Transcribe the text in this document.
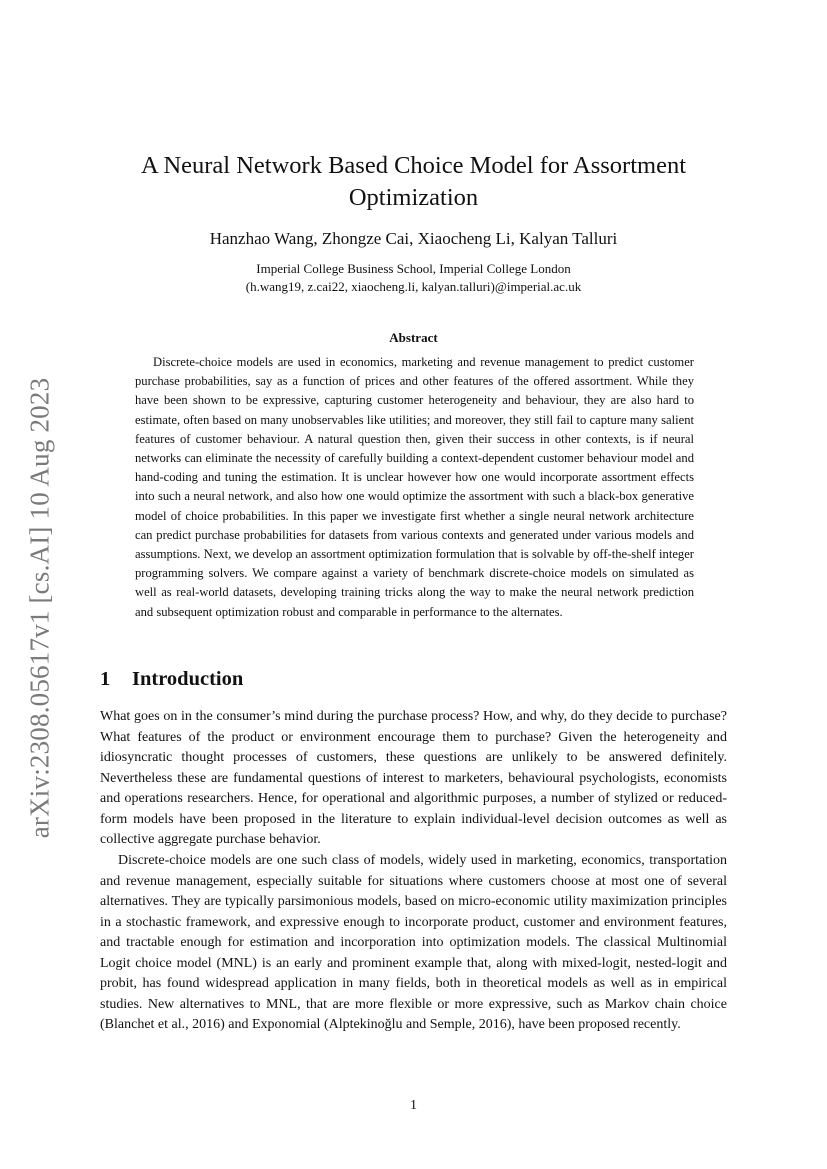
arXiv:2308.05617v1 [cs.AI] 10 Aug 2023
A Neural Network Based Choice Model for Assortment Optimization
Hanzhao Wang, Zhongze Cai, Xiaocheng Li, Kalyan Talluri
Imperial College Business School, Imperial College London
(h.wang19, z.cai22, xiaocheng.li, kalyan.talluri)@imperial.ac.uk
Abstract

Discrete-choice models are used in economics, marketing and revenue management to predict customer purchase probabilities, say as a function of prices and other features of the offered assortment. While they have been shown to be expressive, capturing customer heterogeneity and behaviour, they are also hard to estimate, often based on many unobservables like utilities; and moreover, they still fail to capture many salient features of customer behaviour. A natural question then, given their success in other contexts, is if neural networks can eliminate the necessity of carefully building a context-dependent customer behaviour model and hand-coding and tuning the estimation. It is unclear however how one would incorporate assortment effects into such a neural network, and also how one would optimize the assortment with such a black-box generative model of choice probabilities. In this paper we investigate first whether a single neural network architecture can predict purchase probabilities for datasets from various contexts and generated under various models and assumptions. Next, we develop an assortment optimization formulation that is solvable by off-the-shelf integer programming solvers. We compare against a variety of benchmark discrete-choice models on simulated as well as real-world datasets, developing training tricks along the way to make the neural network prediction and subsequent optimization robust and comparable in performance to the alternates.

1 Introduction

What goes on in the consumer’s mind during the purchase process? How, and why, do they decide to purchase? What features of the product or environment encourage them to purchase? Given the heterogeneity and idiosyncratic thought processes of customers, these questions are unlikely to be answered definitely. Nevertheless these are fundamental questions of interest to marketers, behavioural psychologists, economists and operations researchers. Hence, for operational and algorithmic purposes, a number of stylized or reduced-form models have been proposed in the literature to explain individual-level decision outcomes as well as collective aggregate purchase behavior.

Discrete-choice models are one such class of models, widely used in marketing, economics, transportation and revenue management, especially suitable for situations where customers choose at most one of several alternatives. They are typically parsimonious models, based on micro-economic utility maximization principles in a stochastic framework, and expressive enough to incorporate product, customer and environment features, and tractable enough for estimation and incorporation into optimization models. The classical Multinomial Logit choice model (MNL) is an early and prominent example that, along with mixed-logit, nested-logit and probit, has found widespread application in many fields, both in theoretical models as well as in empirical studies. New alternatives to MNL, that are more flexible or more expressive, such as Markov chain choice (Blanchet et al., 2016) and Exponomial (Alptekinoğlu and Semple, 2016), have been proposed recently.

1
